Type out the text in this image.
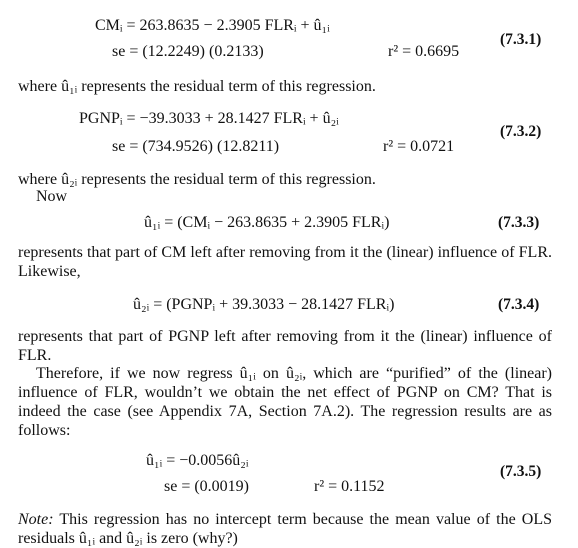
CMᵢ = 263.8635 − 2.3905 FLRᵢ + û₁ᵢ
se = (12.2249) (0.2133)	r² = 0.6695
(7.3.1)
where û₁ᵢ represents the residual term of this regression.
PGNPᵢ = −39.3033 + 28.1427 FLRᵢ + û₂ᵢ
se = (734.9526) (12.8211)	r² = 0.0721
(7.3.2)
where û₂ᵢ represents the residual term of this regression.
Now
û₁ᵢ = (CMᵢ − 263.8635 + 2.3905 FLRᵢ)	(7.3.3)
represents that part of CM left after removing from it the (linear) influence of FLR. Likewise,
û₂ᵢ = (PGNPᵢ + 39.3033 − 28.1427 FLRᵢ)	(7.3.4)
represents that part of PGNP left after removing from it the (linear) influence of FLR.
Therefore, if we now regress û₁ᵢ on û₂ᵢ, which are “purified” of the (linear) influence of FLR, wouldn’t we obtain the net effect of PGNP on CM? That is indeed the case (see Appendix 7A, Section 7A.2). The regression results are as follows:
û₁ᵢ = −0.0056û₂ᵢ
se = (0.0019)	r² = 0.1152
(7.3.5)
Note: This regression has no intercept term because the mean value of the OLS residuals û₁ᵢ and û₂ᵢ is zero (why?)
